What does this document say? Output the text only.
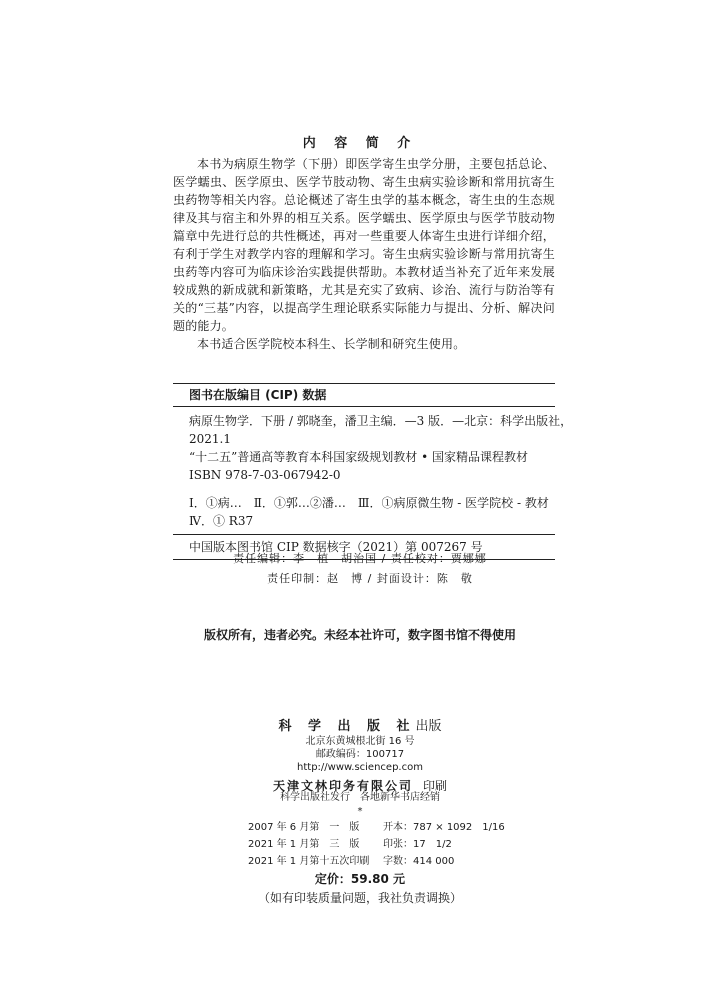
内 容 简 介

本书为病原生物学（下册）即医学寄生虫学分册，主要包括总论、医学蠕虫、医学原虫、医学节肢动物、寄生虫病实验诊断和常用抗寄生虫药物等相关内容。总论概述了寄生虫学的基本概念，寄生虫的生态规律及其与宿主和外界的相互关系。医学蠕虫、医学原虫与医学节肢动物篇章中先进行总的共性概述，再对一些重要人体寄生虫进行详细介绍，有利于学生对教学内容的理解和学习。寄生虫病实验诊断与常用抗寄生虫药等内容可为临床诊治实践提供帮助。本教材适当补充了近年来发展较成熟的新成就和新策略，尤其是充实了致病、诊治、流行与防治等有关的“三基”内容，以提高学生理论联系实际能力与提出、分析、解决问题的能力。

本书适合医学院校本科生、长学制和研究生使用。

图书在版编目 (CIP) 数据

病原生物学．下册 / 郭晓奎，潘卫主编．—3 版．—北京：科学出版社，

2021.1

“十二五”普通高等教育本科国家级规划教材 • 国家精品课程教材

ISBN 978-7-03-067942-0

Ⅰ．①病…　Ⅱ．①郭…②潘…　Ⅲ．①病原微生物 - 医学院校 - 教材

Ⅳ．① R37

中国版本图书馆 CIP 数据核字（2021）第 007267 号

责任编辑：李　植　胡治国 / 责任校对：贾娜娜

责任印制：赵　博 / 封面设计：陈　敬

版权所有，违者必究。未经本社许可，数字图书馆不得使用

科 学 出 版 社出版

北京东黄城根北街 16 号

邮政编码：100717

http://www.sciencep.com

天津文林印务有限公司 印刷

科学出版社发行　各地新华书店经销

*

2007 年 6 月第　一　版	开本：787 × 1092　1/16
2021 年 1 月第　三　版	印张：17　1/2
2021 年 1 月第十五次印刷	字数：414 000

定价：59.80 元

（如有印装质量问题，我社负责调换）
